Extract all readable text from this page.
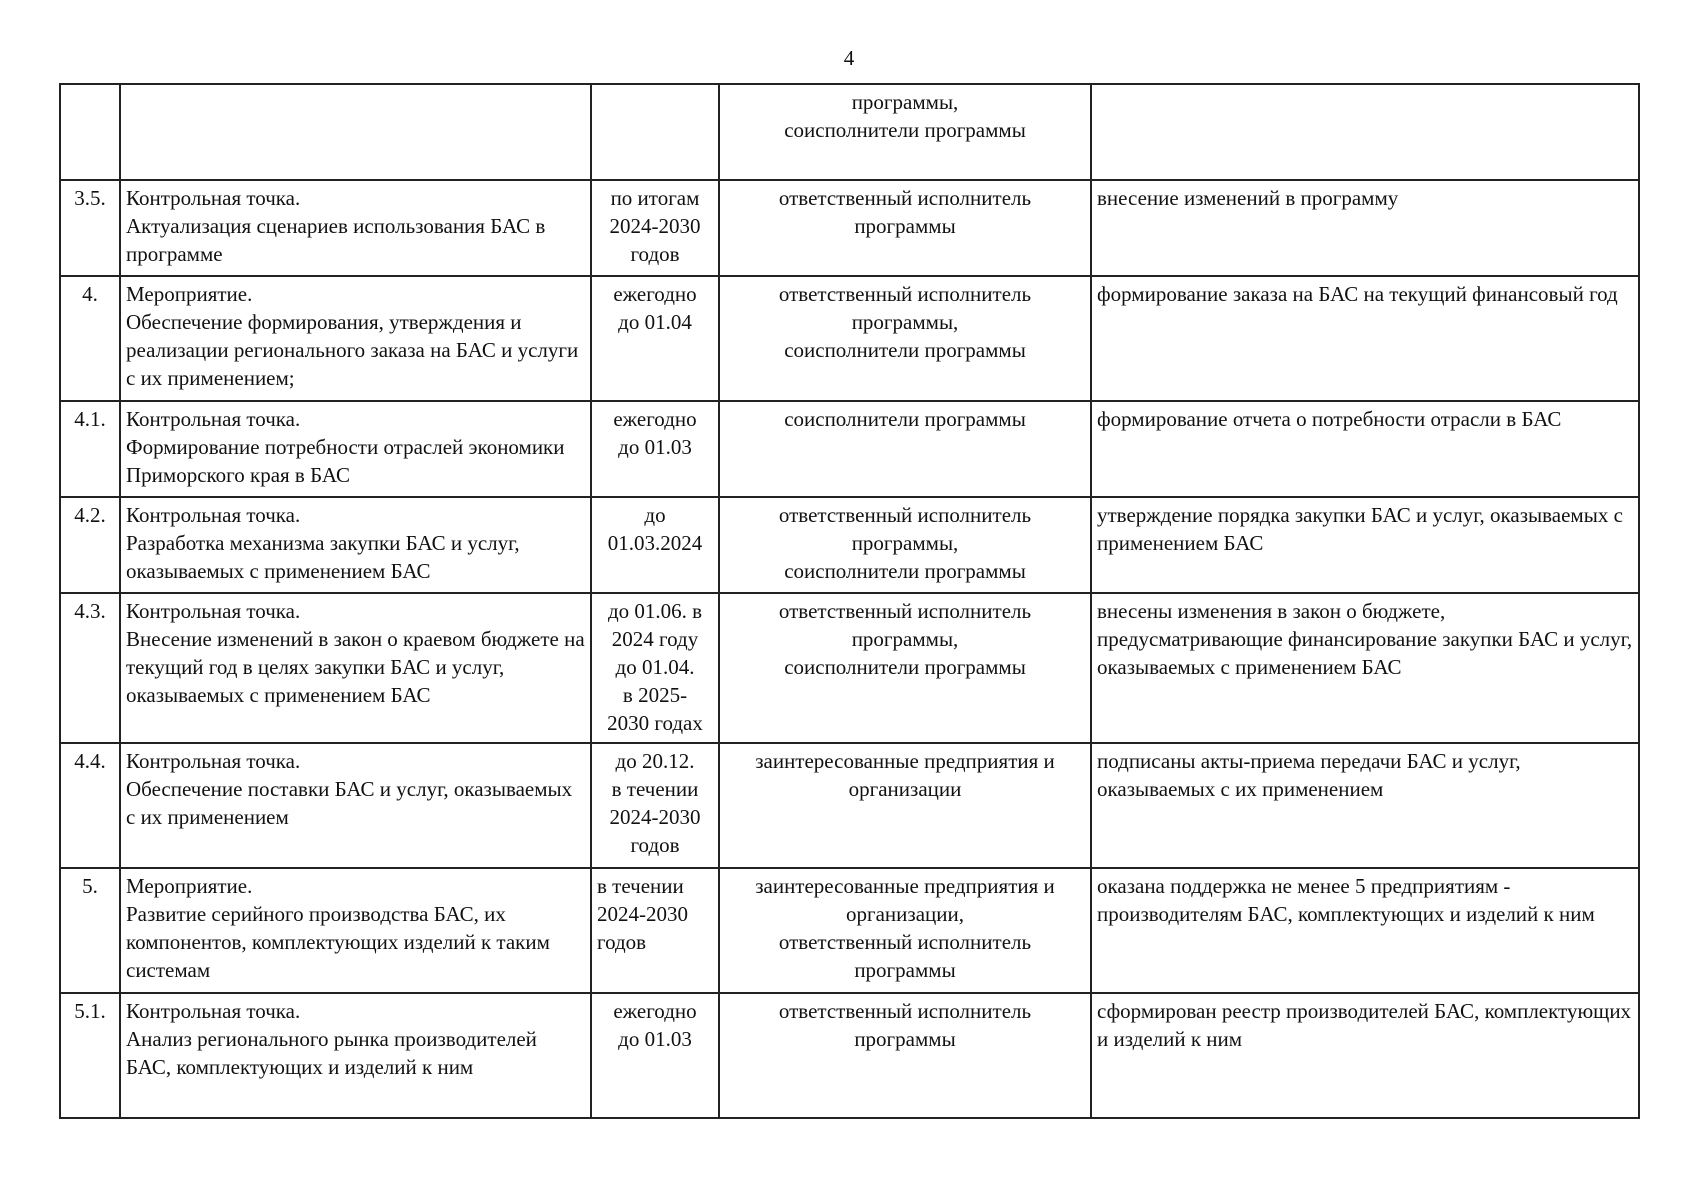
4

			программы,
соисполнители программы	

3.5.	Контрольная точка.
Актуализация сценариев использования БАС в программе	по итогам
2024-2030
годов	ответственный исполнитель
программы	внесение изменений в программу
4.	Мероприятие.
Обеспечение формирования, утверждения и реализации регионального заказа на БАС и услуги с их применением;	ежегодно
до 01.04	ответственный исполнитель
программы,
соисполнители программы	формирование заказа на БАС на текущий финансовый год
4.1.	Контрольная точка.
Формирование потребности отраслей экономики Приморского края в БАС	ежегодно
до 01.03	соисполнители программы	формирование отчета о потребности отрасли в БАС
4.2.	Контрольная точка.
Разработка механизма закупки БАС и услуг, оказываемых с применением БАС	до
01.03.2024	ответственный исполнитель
программы,
соисполнители программы	утверждение порядка закупки БАС и услуг, оказываемых с применением БАС
4.3.	Контрольная точка.
Внесение изменений в закон о краевом бюджете на текущий год в целях закупки БАС и услуг, оказываемых с применением БАС	до 01.06. в
2024 году
до 01.04.
в 2025-
2030 годах	ответственный исполнитель
программы,
соисполнители программы	внесены изменения в закон о бюджете, предусматривающие финансирование закупки БАС и услуг, оказываемых с применением БАС
4.4.	Контрольная точка.
Обеспечение поставки БАС и услуг, оказываемых с их применением	до 20.12.
в течении
2024-2030
годов	заинтересованные предприятия и
организации	подписаны акты-приема передачи БАС и услуг, оказываемых с их применением
5.	Мероприятие.
Развитие серийного производства БАС, их компонентов, комплектующих изделий к таким системам	в течении
2024-2030
годов	заинтересованные предприятия и
организации,
ответственный исполнитель
программы	оказана поддержка не менее 5 предприятиям - производителям БАС, комплектующих и изделий к ним
5.1.	Контрольная точка.
Анализ регионального рынка производителей БАС, комплектующих и изделий к ним	ежегодно
до 01.03	ответственный исполнитель
программы	сформирован реестр производителей БАС, комплектующих и изделий к ним
